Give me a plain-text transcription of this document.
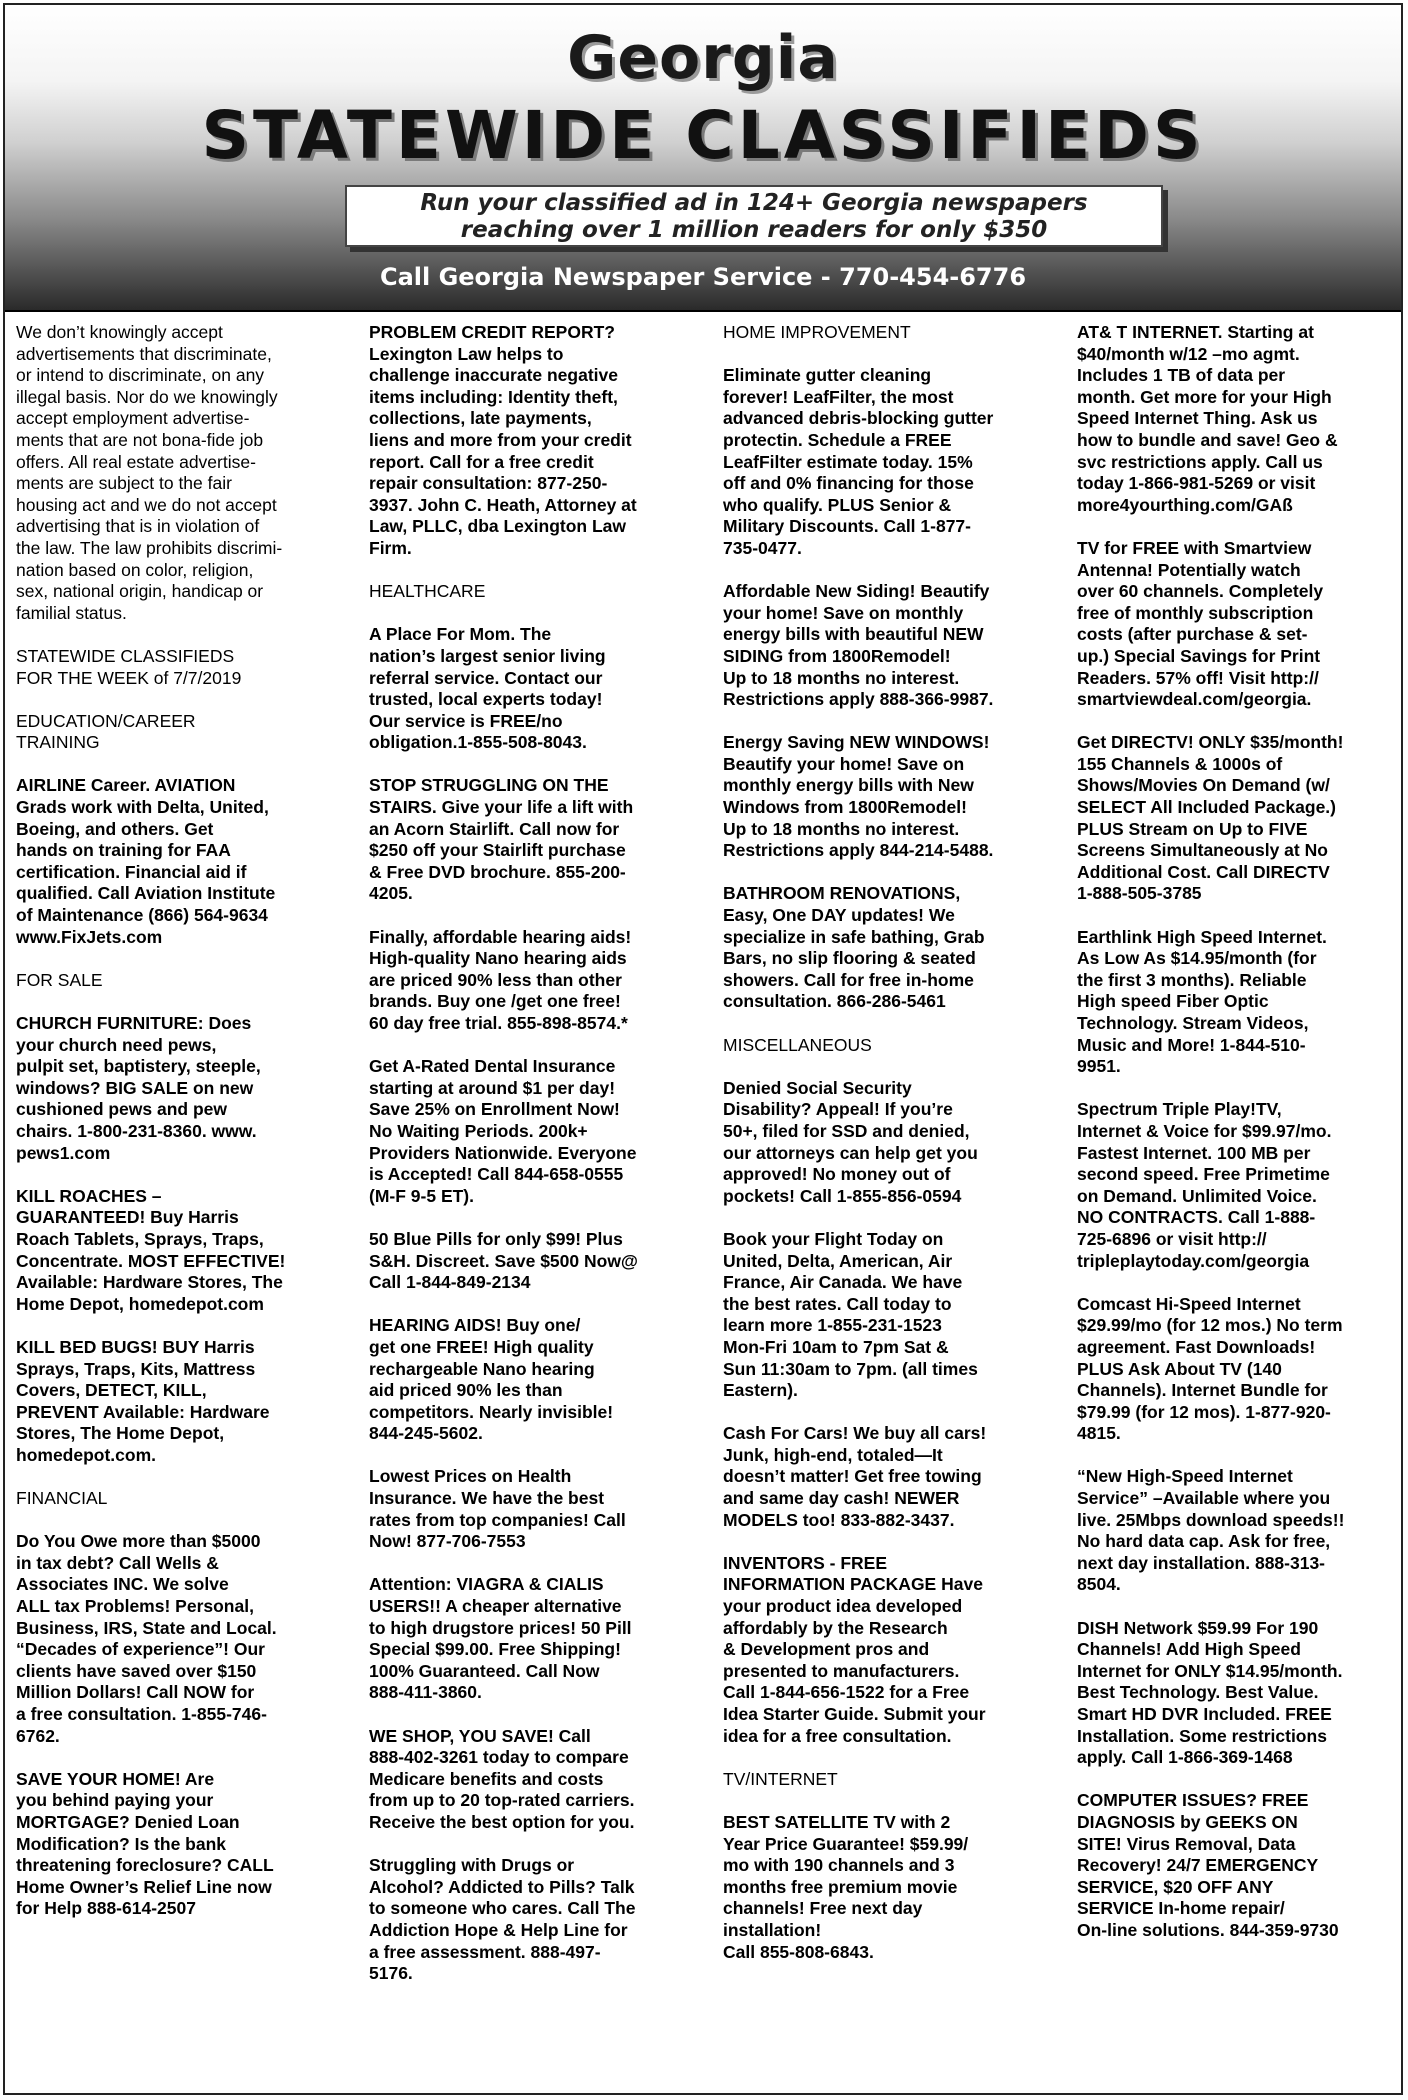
Georgia
STATEWIDE CLASSIFIEDS
Run your classified ad in 124+ Georgia newspapers
reaching over 1 million readers for only $350
Call Georgia Newspaper Service - 770-454-6776

We don’t knowingly accept
advertisements that discriminate,
or intend to discriminate, on any
illegal basis. Nor do we knowingly
accept employment advertise-
ments that are not bona-fide job
offers. All real estate advertise-
ments are subject to the fair
housing act and we do not accept
advertising that is in violation of
the law. The law prohibits discrimi-
nation based on color, religion,
sex, national origin, handicap or
familial status.

STATEWIDE CLASSIFIEDS
FOR THE WEEK of 7/7/2019

EDUCATION/CAREER
TRAINING

AIRLINE Career. AVIATION
Grads work with Delta, United,
Boeing, and others. Get
hands on training for FAA
certification. Financial aid if
qualified. Call Aviation Institute
of Maintenance (866) 564-9634
www.FixJets.com

FOR SALE

CHURCH FURNITURE: Does
your church need pews,
pulpit set, baptistery, steeple,
windows? BIG SALE on new
cushioned pews and pew
chairs. 1-800-231-8360. www.
pews1.com

KILL ROACHES –
GUARANTEED! Buy Harris
Roach Tablets, Sprays, Traps,
Concentrate. MOST EFFECTIVE!
Available: Hardware Stores, The
Home Depot, homedepot.com

KILL BED BUGS! BUY Harris
Sprays, Traps, Kits, Mattress
Covers, DETECT, KILL,
PREVENT Available: Hardware
Stores, The Home Depot,
homedepot.com.

FINANCIAL

Do You Owe more than $5000
in tax debt? Call Wells &
Associates INC. We solve
ALL tax Problems! Personal,
Business, IRS, State and Local.
“Decades of experience”! Our
clients have saved over $150
Million Dollars! Call NOW for
a free consultation. 1-855-746-
6762.

SAVE YOUR HOME! Are
you behind paying your
MORTGAGE? Denied Loan
Modification? Is the bank
threatening foreclosure? CALL
Home Owner’s Relief Line now
for Help 888-614-2507

PROBLEM CREDIT REPORT?
Lexington Law helps to
challenge inaccurate negative
items including: Identity theft,
collections, late payments,
liens and more from your credit
report. Call for a free credit
repair consultation: 877-250-
3937. John C. Heath, Attorney at
Law, PLLC, dba Lexington Law
Firm.

HEALTHCARE

A Place For Mom. The
nation’s largest senior living
referral service. Contact our
trusted, local experts today!
Our service is FREE/no
obligation.1-855-508-8043.

STOP STRUGGLING ON THE
STAIRS. Give your life a lift with
an Acorn Stairlift. Call now for
$250 off your Stairlift purchase
& Free DVD brochure. 855-200-
4205.

Finally, affordable hearing aids!
High-quality Nano hearing aids
are priced 90% less than other
brands. Buy one /get one free!
60 day free trial. 855-898-8574.*

Get A-Rated Dental Insurance
starting at around $1 per day!
Save 25% on Enrollment Now!
No Waiting Periods. 200k+
Providers Nationwide. Everyone
is Accepted! Call 844-658-0555
(M-F 9-5 ET).

50 Blue Pills for only $99! Plus
S&H. Discreet. Save $500 Now@
Call 1-844-849-2134

HEARING AIDS! Buy one/
get one FREE! High quality
rechargeable Nano hearing
aid priced 90% les than
competitors. Nearly invisible!
844-245-5602.

Lowest Prices on Health
Insurance. We have the best
rates from top companies! Call
Now! 877-706-7553

Attention: VIAGRA & CIALIS
USERS!! A cheaper alternative
to high drugstore prices! 50 Pill
Special $99.00. Free Shipping!
100% Guaranteed. Call Now
888-411-3860.

WE SHOP, YOU SAVE! Call
888-402-3261 today to compare
Medicare benefits and costs
from up to 20 top-rated carriers.
Receive the best option for you.

Struggling with Drugs or
Alcohol? Addicted to Pills? Talk
to someone who cares. Call The
Addiction Hope & Help Line for
a free assessment. 888-497-
5176.

HOME IMPROVEMENT

Eliminate gutter cleaning
forever! LeafFilter, the most
advanced debris-blocking gutter
protectin. Schedule a FREE
LeafFilter estimate today. 15%
off and 0% financing for those
who qualify. PLUS Senior &
Military Discounts. Call 1-877-
735-0477.

Affordable New Siding! Beautify
your home! Save on monthly
energy bills with beautiful NEW
SIDING from 1800Remodel!
Up to 18 months no interest.
Restrictions apply 888-366-9987.

Energy Saving NEW WINDOWS!
Beautify your home! Save on
monthly energy bills with New
Windows from 1800Remodel!
Up to 18 months no interest.
Restrictions apply 844-214-5488.

BATHROOM RENOVATIONS,
Easy, One DAY updates! We
specialize in safe bathing, Grab
Bars, no slip flooring & seated
showers. Call for free in-home
consultation. 866-286-5461

MISCELLANEOUS

Denied Social Security
Disability? Appeal! If you’re
50+, filed for SSD and denied,
our attorneys can help get you
approved! No money out of
pockets! Call 1-855-856-0594

Book your Flight Today on
United, Delta, American, Air
France, Air Canada. We have
the best rates. Call today to
learn more 1-855-231-1523
Mon-Fri 10am to 7pm Sat &
Sun 11:30am to 7pm. (all times
Eastern).

Cash For Cars! We buy all cars!
Junk, high-end, totaled—It
doesn’t matter! Get free towing
and same day cash! NEWER
MODELS too! 833-882-3437.

INVENTORS - FREE
INFORMATION PACKAGE Have
your product idea developed
affordably by the Research
& Development pros and
presented to manufacturers.
Call 1-844-656-1522 for a Free
Idea Starter Guide. Submit your
idea for a free consultation.

TV/INTERNET

BEST SATELLITE TV with 2
Year Price Guarantee! $59.99/
mo with 190 channels and 3
months free premium movie
channels! Free next day
installation!
Call 855-808-6843.

AT& T INTERNET. Starting at
$40/month w/12 –mo agmt.
Includes 1 TB of data per
month. Get more for your High
Speed Internet Thing. Ask us
how to bundle and save! Geo &
svc restrictions apply. Call us
today 1-866-981-5269 or visit
more4yourthing.com/GAß

TV for FREE with Smartview
Antenna! Potentially watch
over 60 channels. Completely
free of monthly subscription
costs (after purchase & set-
up.) Special Savings for Print
Readers. 57% off! Visit http://
smartviewdeal.com/georgia.

Get DIRECTV! ONLY $35/month!
155 Channels & 1000s of
Shows/Movies On Demand (w/
SELECT All Included Package.)
PLUS Stream on Up to FIVE
Screens Simultaneously at No
Additional Cost. Call DIRECTV
1-888-505-3785

Earthlink High Speed Internet.
As Low As $14.95/month (for
the first 3 months). Reliable
High speed Fiber Optic
Technology. Stream Videos,
Music and More! 1-844-510-
9951.

Spectrum Triple Play!TV,
Internet & Voice for $99.97/mo.
Fastest Internet. 100 MB per
second speed. Free Primetime
on Demand. Unlimited Voice.
NO CONTRACTS. Call 1-888-
725-6896 or visit http://
tripleplaytoday.com/georgia

Comcast Hi-Speed Internet
$29.99/mo (for 12 mos.) No term
agreement. Fast Downloads!
PLUS Ask About TV (140
Channels). Internet Bundle for
$79.99 (for 12 mos). 1-877-920-
4815.

“New High-Speed Internet
Service” –Available where you
live. 25Mbps download speeds!!
No hard data cap. Ask for free,
next day installation. 888-313-
8504.

DISH Network $59.99 For 190
Channels! Add High Speed
Internet for ONLY $14.95/month.
Best Technology. Best Value.
Smart HD DVR Included. FREE
Installation. Some restrictions
apply. Call 1-866-369-1468

COMPUTER ISSUES? FREE
DIAGNOSIS by GEEKS ON
SITE! Virus Removal, Data
Recovery! 24/7 EMERGENCY
SERVICE, $20 OFF ANY
SERVICE In-home repair/
On-line solutions. 844-359-9730
